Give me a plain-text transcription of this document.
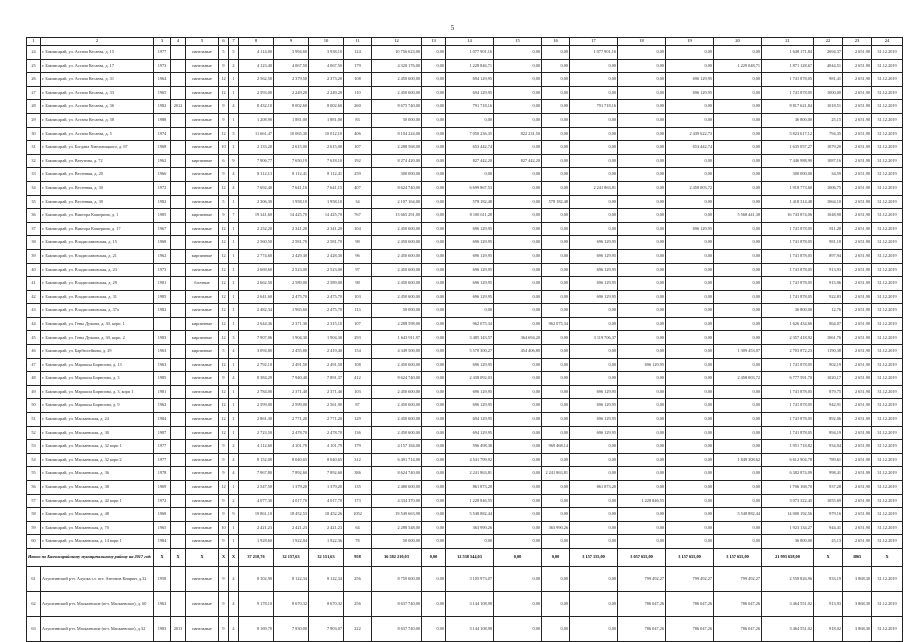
5
1	2	3	4	5	6	7	8	9	10	11	12	13	14	15	16	17	18	19	20	21	22	23	24
24	г. Бакчисарай, ул. Астана Кесаева, д. 15	1977		панельные	5	5	4 114,00	3 994,60	3 938,10	124	10 756 623,00	0,00	1 077 901,16	0,00	0,00	1 077 901,16	0,00	0,00	0,00	1 648 171,84	2694,37	2 651,90	31.12.2019
25	г. Бакчисарай, ул. Астана Кесаева, д. 17	1973		панельные	9	2	4 123,40	4 067,50	4 067,50	179	4 320 176,00	0,00	1 228 846,71	0,00	0,00	0,00	0,00	0,00	1 229 048,71	1 871 128,67	4044,51	2 651,90	31.12.2019
26	г. Бакчисарай, ул. Астана Кесаева, д. 31	1964		панельные	12	1	2 562,50	2 379,50	2 373,20	108	2 450 600,00	0,00	694 129,95	0,00	0,00	0,00	0,00	696 129,95	0,00	1 741 878,05	981,41	2 651,90	31.12.2019
27	г. Бакчисарай, ул. Астана Кесаева, д. 33	1965		панельные	12	1	2 593,00	2 249,20	2 249,20	110	2 450 600,00	0,00	694 129,95	0,00	0,00	0,00	0,00	696 129,95	0,00	1 741 878,05	1000,00	2 651,90	31.12.2019
28	г. Бакчисарай, ул. Астана Кесаева, д. 36	1982	2012	панельные	9	4	8 432,10	8 002,60	8 002,60	260	8 675 740,00	0,00	791 718,16	0,00	0,00	791 718,16	0,00	0,00	0,00	8 817 621,84	1018,51	2 651,90	31.12.2019
29	г. Бакчисарай, ул. Астана Кесаева, д. 38	1988		панельные	9	1	1 208,90	1 881,00	1 881,00	83	50 000,00	0,00	0,00	0,00	0,00	0,00	0,00	0,00	0,00	36 800,00	25,15	2 651,90	31.12.2019
30	г. Бакчисарай, ул. Астана Кесаева, д. 5	1974		панельные	12	5	11 661,47	10 065,30	10 012,10	406	8 104 224,00	0,00	7 050 236,35	822 231,50	0,00	0,00	0,00	2 439 622,73	0,00	5 823 617,12	794,35	2 651,90	31.12.2019
31	г. Бакчисарай, ул. Богдана Хмельницкого, д. 67	1968		панельные	10	1	2 133,20	2 615,00	2 615,00	107	2 288 568,00	0,00	653 442,74	0,00	0,00	0,00	0,00	653 442,74	0,00	1 635 057,27	1079,20	2 651,90	31.12.2019
32	г. Бакчисарай, ул. Ватутина, д. 72	1962		кирпичные	6	9	7 906,77	7 650,19	7 618,10	192	8 274 420,00	0,00	827 442,20	827 442,20	0,00	0,00	0,00	0,00	0,00	7 446 988,90	1087,16	2 651,90	31.12.2019
33	г. Бакчисарай, ул. Весенняя, д. 20	1966		панельные	9	4	8 112,13	8 112,41	8 112,41	259	300 000,00	0,00	0,00	0,00	0,00	0,00	0,00	0,00	0,00	300 000,00	34,59	2 651,90	31.12.2019
34	г. Бакчисарай, ул. Весенняя, д. 30	1972		панельные	12	4	7 692,40	7 641,16	7 641,15	407	8 624 740,00	0,00	6 699 867,53	0,00	0,00	2 241 863,81	0,00	2 458 003,72	0,00	1 918 773,60	1006,75	2 651,90	31.12.2019
35	г. Бакчисарай, ул. Весенняя, д. 39	1982		панельные	5	1	2 306,30	1 958,10	1 958,10	34	2 107 164,00	0,00	578 182,48	0,00	578 182,48	0,00	0,00	0,00	0,00	1 418 314,48	1064,10	2 651,90	31.12.2019
36	г. Бакчисарай, ул. Виктора Кашерина, д. 1	1985		кирпичные	9	7	19 341,60	14 425,70	14 425,70	767	13 665 291,00	0,00	8 100 611,28	0,00	0,00	0,00	0,00	0,00	5 568 441,38	16 743 874,06	1048,90	2 651,90	31.12.2019
37	г. Бакчисарай, ул. Виктора Кашерина, д. 17	1967		панельные	12	1	2 252,20	2 341,20	2 341,20	104	2 450 600,00	0,00	696 129,95	0,00	0,00	0,00	0,00	696 129,95	0,00	1 741 878,05	811,28	2 651,90	31.12.2019
38	г. Бакчисарай, ул. Владиславовская, д. 15	1968		панельные	12	1	2 560,50	2 581,70	2 581,70	98	2 450 600,00	0,00	696 129,95	0,00	0,00	696 129,95	0,00	0,00	0,00	1 741 878,05	981,18	2 651,90	31.12.2019
39	г. Бакчисарай, ул. Владиславовская, д. 21	1962		кирпичные	12	1	2 774,60	2 429,30	2 428,30	96	2 450 600,00	0,00	696 129,95	0,00	0,00	696 129,95	0,00	0,00	0,00	1 741 878,05	897,94	2 651,90	31.12.2019
40	г. Бакчисарай, ул. Владиславовская, д. 23	1973		панельные	12	1	2 669,60	2 523,00	2 523,00	97	2 450 600,00	0,00	696 129,95	0,00	0,00	696 129,95	0,00	0,00	0,00	1 741 878,05	913,93	2 651,90	31.12.2019
41	г. Бакчисарай, ул. Владиславовская, д. 29	1981		блочные	12	1	2 662,50	2 589,00	2 589,00	98	2 450 600,00	0,00	696 129,95	0,00	0,00	696 129,95	0,00	0,00	0,00	1 741 878,05	915,06	2 651,90	31.12.2019
42	г. Бакчисарай, ул. Владиславовская, д. 31	1985		панельные	12	1	2 641,60	2 475,70	2 475,70	103	2 450 600,00	0,00	696 129,95	0,00	0,00	696 129,95	0,00	0,00	0,00	1 741 878,05	922,83	2 651,90	31.12.2019
43	г. Бакчисарай, ул. Владиславовская, д. 37а	1982		панельные	12	1	2 482,34	1 965,60	2 475,70	113	50 000,00	0,00	0,00	0,00	0,00	0,00	0,00	0,00	0,00	36 800,00	12,76	2 651,90	31.12.2019
44	г. Бакчисарай, ул. Гены Дужова, д. 30, корп. 1			кирпичные	12	1	2 644,36	2 371,30	2 315,10	107	2 288 598,00	0,00	962 075,34	0,00	962 075,34	0,00	0,00	0,00	0,00	1 626 434,66	864,07	2 651,90	31.12.2019
45	г. Бакчисарай, ул. Гены Дужова, д. 30, корп. 2	1983		кирпичные	12	3	7 907,06	1 904,30	1 904,30	293	1 643 911,97	0,00	3 485 143,57	364 694,20	0,00	3 119 706,37	0,00	0,00	0,00	2 357 418,92	1061,76	2 651,90	31.12.2019
46	г. Бакчисарай, ул. Барбюсейкова, д. 29	1963		кирпичные	5	4	3 094,80	2 455,80	2 419,40	154	4 349 500,00	0,00	5 570 300,27	454 406,80	0,00	0,00	0,00	0,00	1 309 453,07	2 703 872,23	1190,38	2 651,90	31.12.2019
47	г. Бакчисарай, ул. Маршала Бирюзова, д. 13	1963		панельные	12	1	2 792,10	2 491,50	2 491,50	108	2 450 600,00	0,00	696 129,95	0,00	0,00	0,00	696 129,95	0,00	0,00	1 741 878,05	902,19	2 651,90	31.12.2019
48	г. Бакчисарай, ул. Маршала Бирюзова, д. 3	1985		панельные	9	4	8 384,29	7 940,40	7 891,37	412	8 624 740,00	0,00	2 438 092,03	0,00	0,00	0,00	0,00	0,00	2 458 003,72	6 777 591,70	1020,17	2 651,90	31.12.2019
49	г. Бакчисарай, ул. Маршала Бирюзова, д. 3, корп 1	1981		панельные	12	1	2 784,00	2 371,40	2 371,40	103	2 450 600,00	0,00	696 129,95	0,00	0,00	696 129,95	0,00	0,00	0,00	1 741 878,05	879,75	2 651,90	31.12.2019
50	г. Бакчисарай, ул. Маршала Бирюзова, д. 9	1962		панельные	12	1	2 599,00	2 599,00	2 561,90	87	2 450 600,00	0,00	696 129,95	0,00	0,00	696 129,95	0,00	0,00	0,00	1 741 878,05	942,91	2 651,90	31.12.2019
51	г. Бакчисарай, ул. Маскаевская, д. 24	1984		панельные	12	1	2 861,30	2 771,20	2 771,20	129	2 450 600,00	0,00	694 129,95	0,00	0,00	696 129,95	0,00	0,00	0,00	1 741 878,05	892,06	2 651,90	31.12.2019
52	г. Бакчисарай, ул. Маскаевская, д. 30	1987		панельные	12	1	2 723,50	2 478,70	2 478,70	136	2 450 600,00	0,00	694 129,95	0,00	0,00	696 129,95	0,00	0,00	0,00	1 741 878,05	894,19	2 651,90	31.12.2019
53	г. Бакчисарай, ул. Маскаевская, д. 32 корп 1	1977		панельные	9	2	4 112,60	4 101,70	4 101,79	179	4 157 184,00	0,00	596 498,38	0,00	969 468,14	0,00	0,00	0,00	0,00	1 951 718,82	934,94	2 651,90	31.12.2019
54	г. Бакчисарай, ул. Маскаевская, д. 32 корп 2	1977		панельные	9	4	8 152,00	8 040,65	8 040,65	312	6 491 714,00	0,00	4 541 799,92	0,00	0,00	0,00	0,00	0,00	1 849 308,62	6 612 904,78	789,61	2 651,90	31.12.2019
55	г. Бакчисарай, ул. Маскаевская, д. 36	1978		панельные	9	4	7 967,80	7 892,60	7 892,60	386	8 624 740,00	0,00	2 241 863,81	0,00	2 241 863,81	0,00	0,00	0,00	0,00	6 382 874,09	998,41	2 651,90	31.12.2019
56	г. Бакчисарай, ул. Маскаевская, д. 38	1969		панельные	12	1	2 547,50	1 379,20	1 379,20	135	2 480 600,00	0,00	861 873,20	0,00	0,00	861 873,20	0,00	0,00	0,00	1 706 168,70	937,28	2 651,90	31.12.2019
57	г. Бакчисарай, ул. Маскаевская, д. 42 корп 1	1972		панельные	9	2	4 077,30	4 017,70	4 017,70	173	4 334 370,00	0,00	1 228 846,55	0,00	0,00	0,00	1 228 846,55	0,00	0,00	3 073 322,45	1055,69	2 651,90	31.12.2019
58	г. Бакчисарай, ул. Маскаевская, д. 48	1968		панельные	9	9	19 861,10	18 452,53	18 452,26	1052	19 549 663,98	0,00	5 548 882,44	0,00	0,00	0,00	0,00	0,00	5 548 882,44	14 000 192,56	979,16	2 651,90	31.12.2019
59	г. Бакчисарай, ул. Маскаевская, д. 70	1965		панельные	10	1	2 421,23	2 421,23	2 421,23	64	2 288 548,00	0,00	363 990,26	0,00	363 990,26	0,00	0,00	0,00	0,00	1 923 134,27	944,41	2 651,90	31.12.2019
60	г. Бакчисарай, ул. Маскаевская, д. 14 корп 1	1984		панельные	9	1	1 928,60	1 922,04	1 922,36	78	50 000,00	0,00	0,00	0,00	0,00	0,00	0,00	0,00	0,00	36 800,00	25,13	2 651,90	31.12.2019
Итого по Бахчисарайскому муниципальному району на 2017 год:		X	X	X	X	X	37 210,76	32 157,63	32 151,63	958	36 582 210,03	0,00	12 538 544,03	0,00	0,00	3 157 155,00	3 057 655,00	3 157 655,00	3 157 655,00	21 993 658,00	X	3865	X
61	Алуштинский р-н. Алупка сл. пгт. Антонов Киприн, д.32	1958		панельные	9	4	8 102,90	8 122,34	8 122,34	256	8 759 600,00	0,00	3 105 973,07	0,00	0,00	0,00	799 492,27	799 492,27	799 492,27	2 558 826,96	933,19	3 868,30	31.12.2019
62	Алуштинский р-н. Маскаевские (пгт. Маскаевское), д. 60	1963		панельные	9	4	9 178,10	8 670,32	8 670,32	256	8 637 740,00	0,00	3 144 108,98	0,00	0,00	0,00	786 047,26	786 047,26	786 047,26	3 464 551,02	913,93	3 868,30	31.12.2019
63	Алуштинский р-н. Маскаевские (пгт. Маскаевское), д.32	1983	2013	панельные	9	4	8 169,70	7 930,00	7 903,07	222	8 637 740,00	0,00	3 144 108,98	0,00	0,00	0,00	786 047,26	786 047,26	786 047,26	3 464 551,02	918,02	3 868,30	31.12.2019
